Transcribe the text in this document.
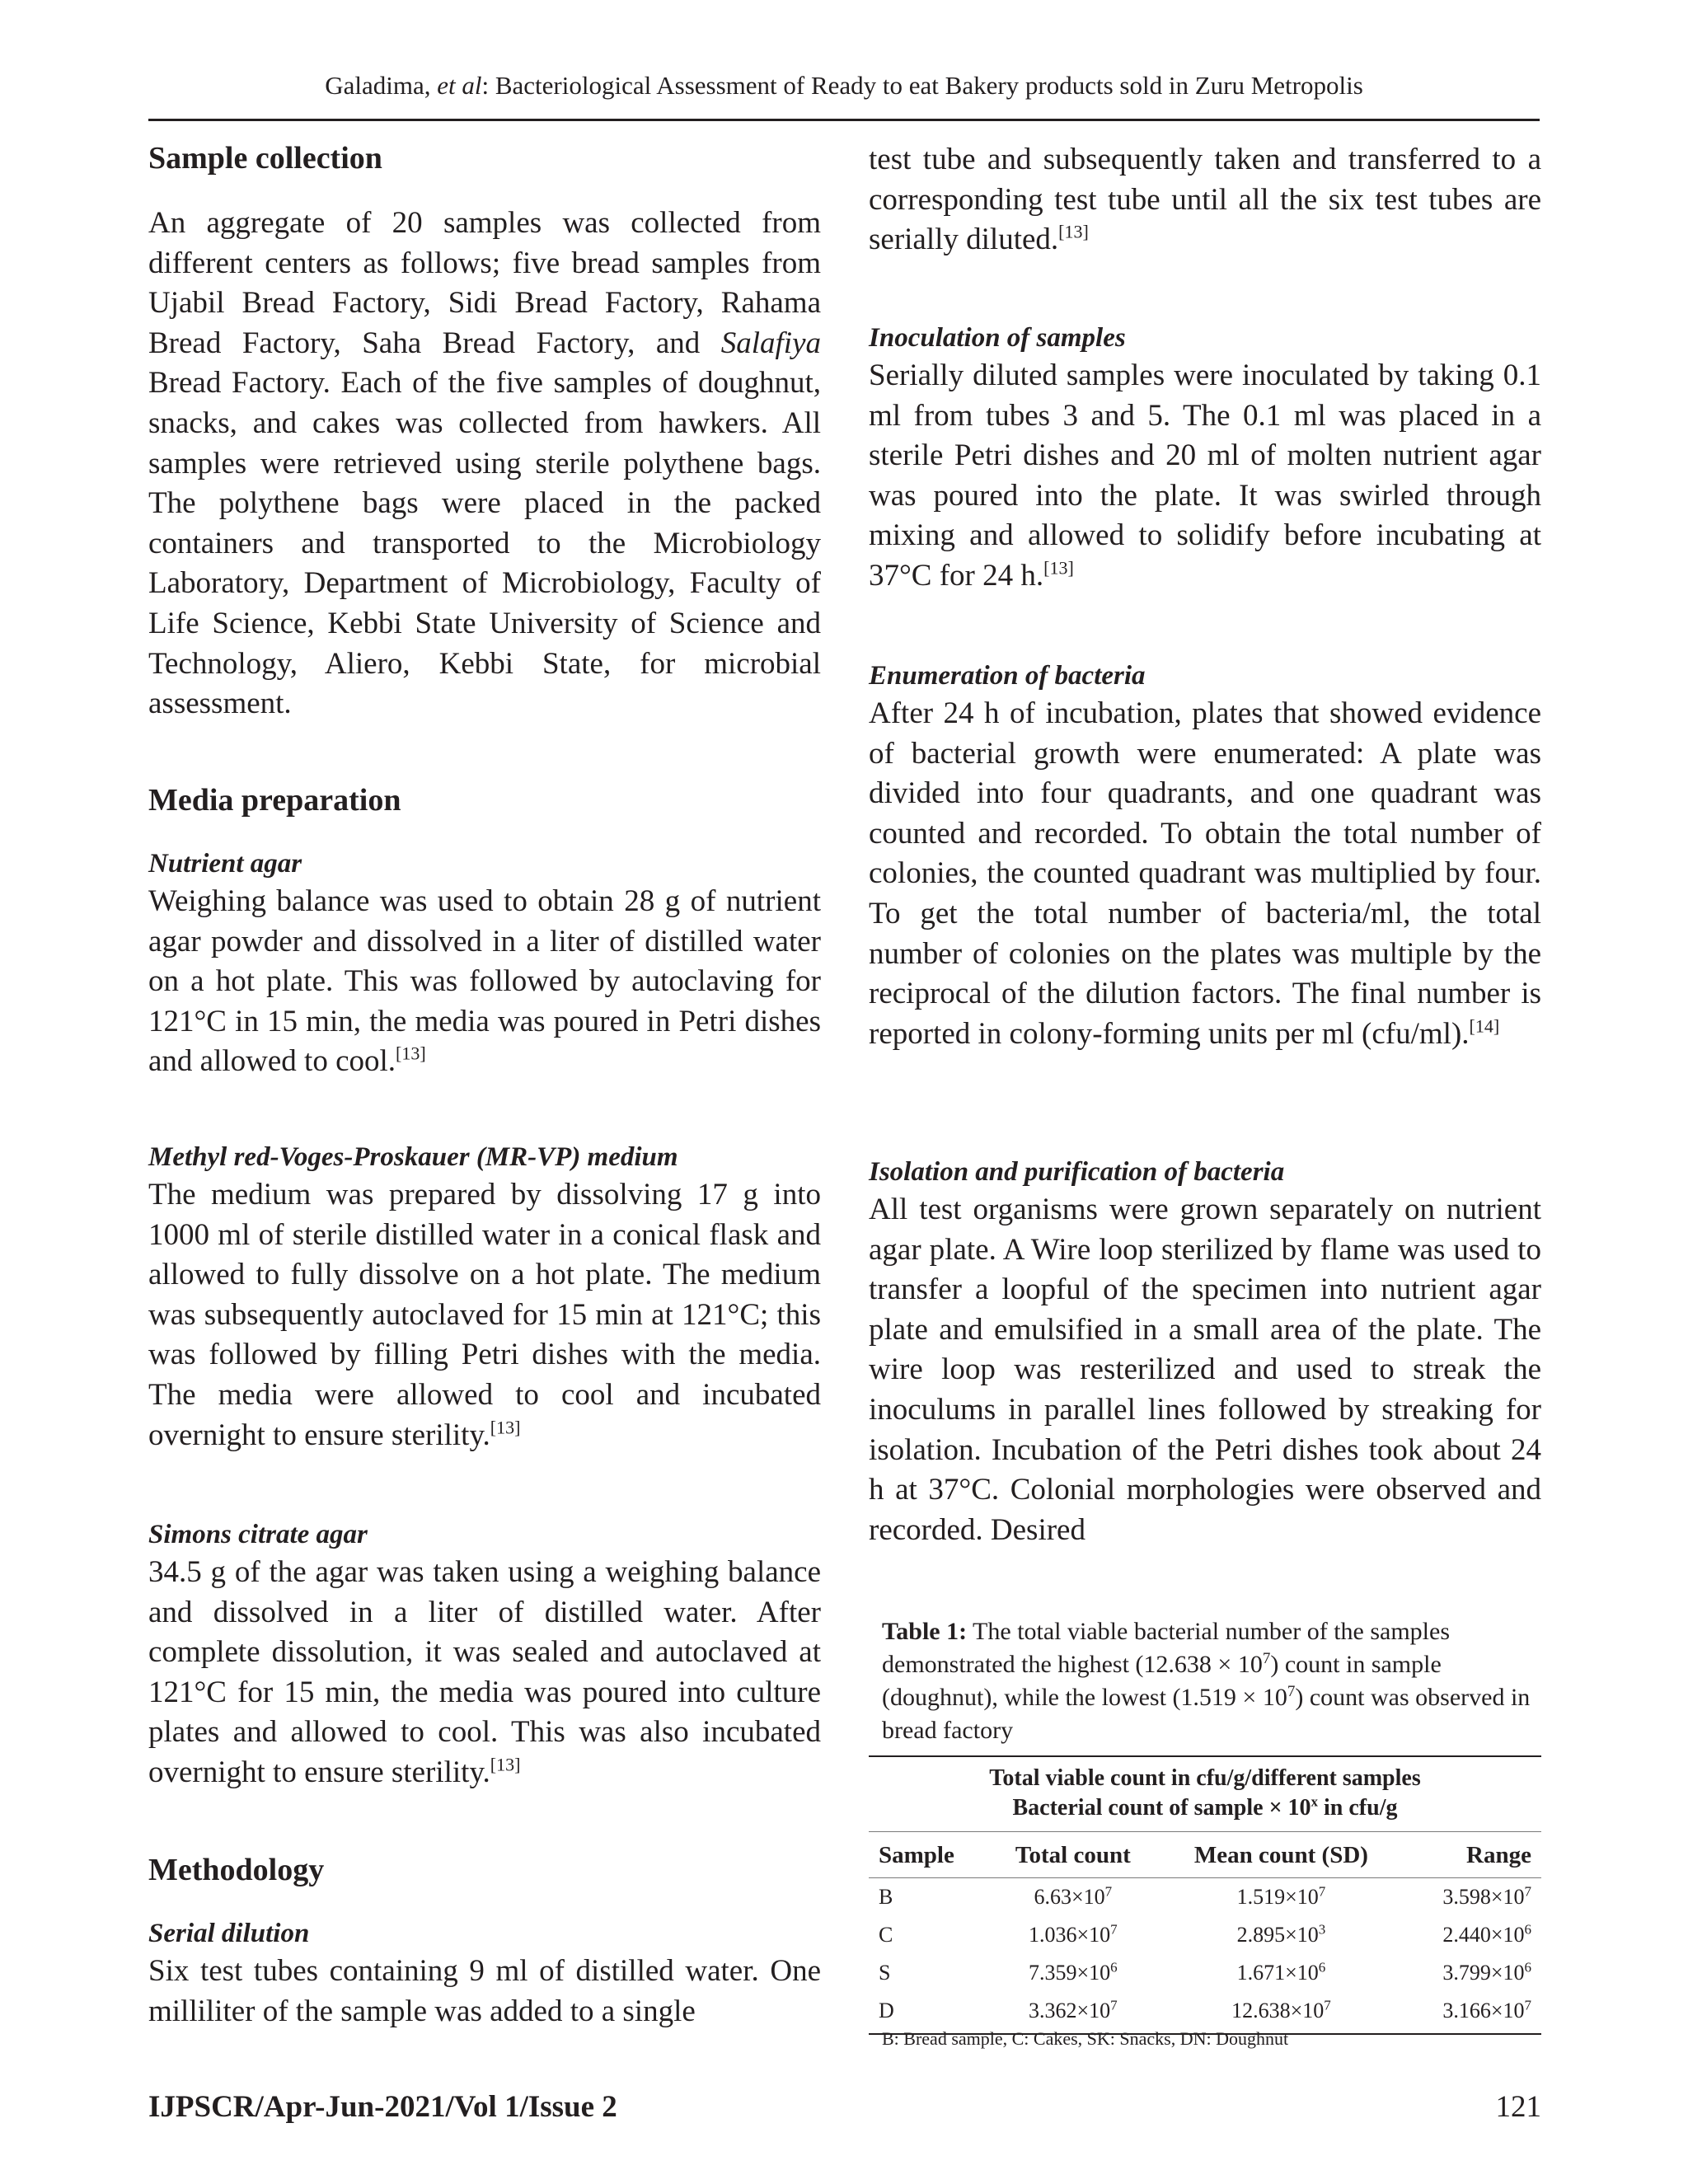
Galadima, et al: Bacteriological Assessment of Ready to eat Bakery products sold in Zuru Metropolis
Sample collection

An aggregate of 20 samples was collected from different centers as follows; five bread samples from Ujabil Bread Factory, Sidi Bread Factory, Rahama Bread Factory, Saha Bread Factory, and Salafiya Bread Factory. Each of the five samples of doughnut, snacks, and cakes was collected from hawkers. All samples were retrieved using sterile polythene bags. The polythene bags were placed in the packed containers and transported to the Microbiology Laboratory, Department of Microbiology, Faculty of Life Science, Kebbi State University of Science and Technology, Aliero, Kebbi State, for microbial assessment.

Media preparation
Nutrient agar

Weighing balance was used to obtain 28 g of nutrient agar powder and dissolved in a liter of distilled water on a hot plate. This was followed by autoclaving for 121°C in 15 min, the media was poured in Petri dishes and allowed to cool.[13]

Methyl red-Voges-Proskauer (MR-VP) medium

The medium was prepared by dissolving 17 g into 1000 ml of sterile distilled water in a conical flask and allowed to fully dissolve on a hot plate. The medium was subsequently autoclaved for 15 min at 121°C; this was followed by filling Petri dishes with the media. The media were allowed to cool and incubated overnight to ensure sterility.[13]

Simons citrate agar

34.5 g of the agar was taken using a weighing balance and dissolved in a liter of distilled water. After complete dissolution, it was sealed and autoclaved at 121°C for 15 min, the media was poured into culture plates and allowed to cool. This was also incubated overnight to ensure sterility.[13]

Methodology
Serial dilution

Six test tubes containing 9 ml of distilled water. One milliliter of the sample was added to a single

test tube and subsequently taken and transferred to a corresponding test tube until all the six test tubes are serially diluted.[13]

Inoculation of samples

Serially diluted samples were inoculated by taking 0.1 ml from tubes 3 and 5. The 0.1 ml was placed in a sterile Petri dishes and 20 ml of molten nutrient agar was poured into the plate. It was swirled through mixing and allowed to solidify before incubating at 37°C for 24 h.[13]

Enumeration of bacteria

After 24 h of incubation, plates that showed evidence of bacterial growth were enumerated: A plate was divided into four quadrants, and one quadrant was counted and recorded. To obtain the total number of colonies, the counted quadrant was multiplied by four. To get the total number of bacteria/ml, the total number of colonies on the plates was multiple by the reciprocal of the dilution factors. The final number is reported in colony-forming units per ml (cfu/ml).[14]

Isolation and purification of bacteria

All test organisms were grown separately on nutrient agar plate. A Wire loop sterilized by flame was used to transfer a loopful of the specimen into nutrient agar plate and emulsified in a small area of the plate. The wire loop was resterilized and used to streak the inoculums in parallel lines followed by streaking for isolation. Incubation of the Petri dishes took about 24 h at 37°C. Colonial morphologies were observed and recorded. Desired

Table 1: The total viable bacterial number of the samples demonstrated the highest $(12.638 \times 10^7)$ count in sample (doughnut), while the lowest $(1.519 \times 10^7)$ count was observed in bread factory

Total viable count in cfu/g/different samples
Bacterial count of sample × $10^x$ in cfu/g			

Sample	Total count	Mean count (SD)	Range
B	$6.63\times 10^7$	$1.519\times 10^7$	$3.598\times 10^7$
C	$1.036\times 10^7$	$2.895\times 10^3$	$2.440\times 10^6$
S	$7.359\times 10^6$	$1.671\times 10^6$	$3.799\times 10^6$
D	$3.362\times 10^7$	$12.638\times 10^7$	$3.166\times 10^7$

B: Bread sample, C: Cakes, SK: Snacks, DN: Doughnut

IJPSCR/Apr-Jun-2021/Vol 1/Issue 2	121
